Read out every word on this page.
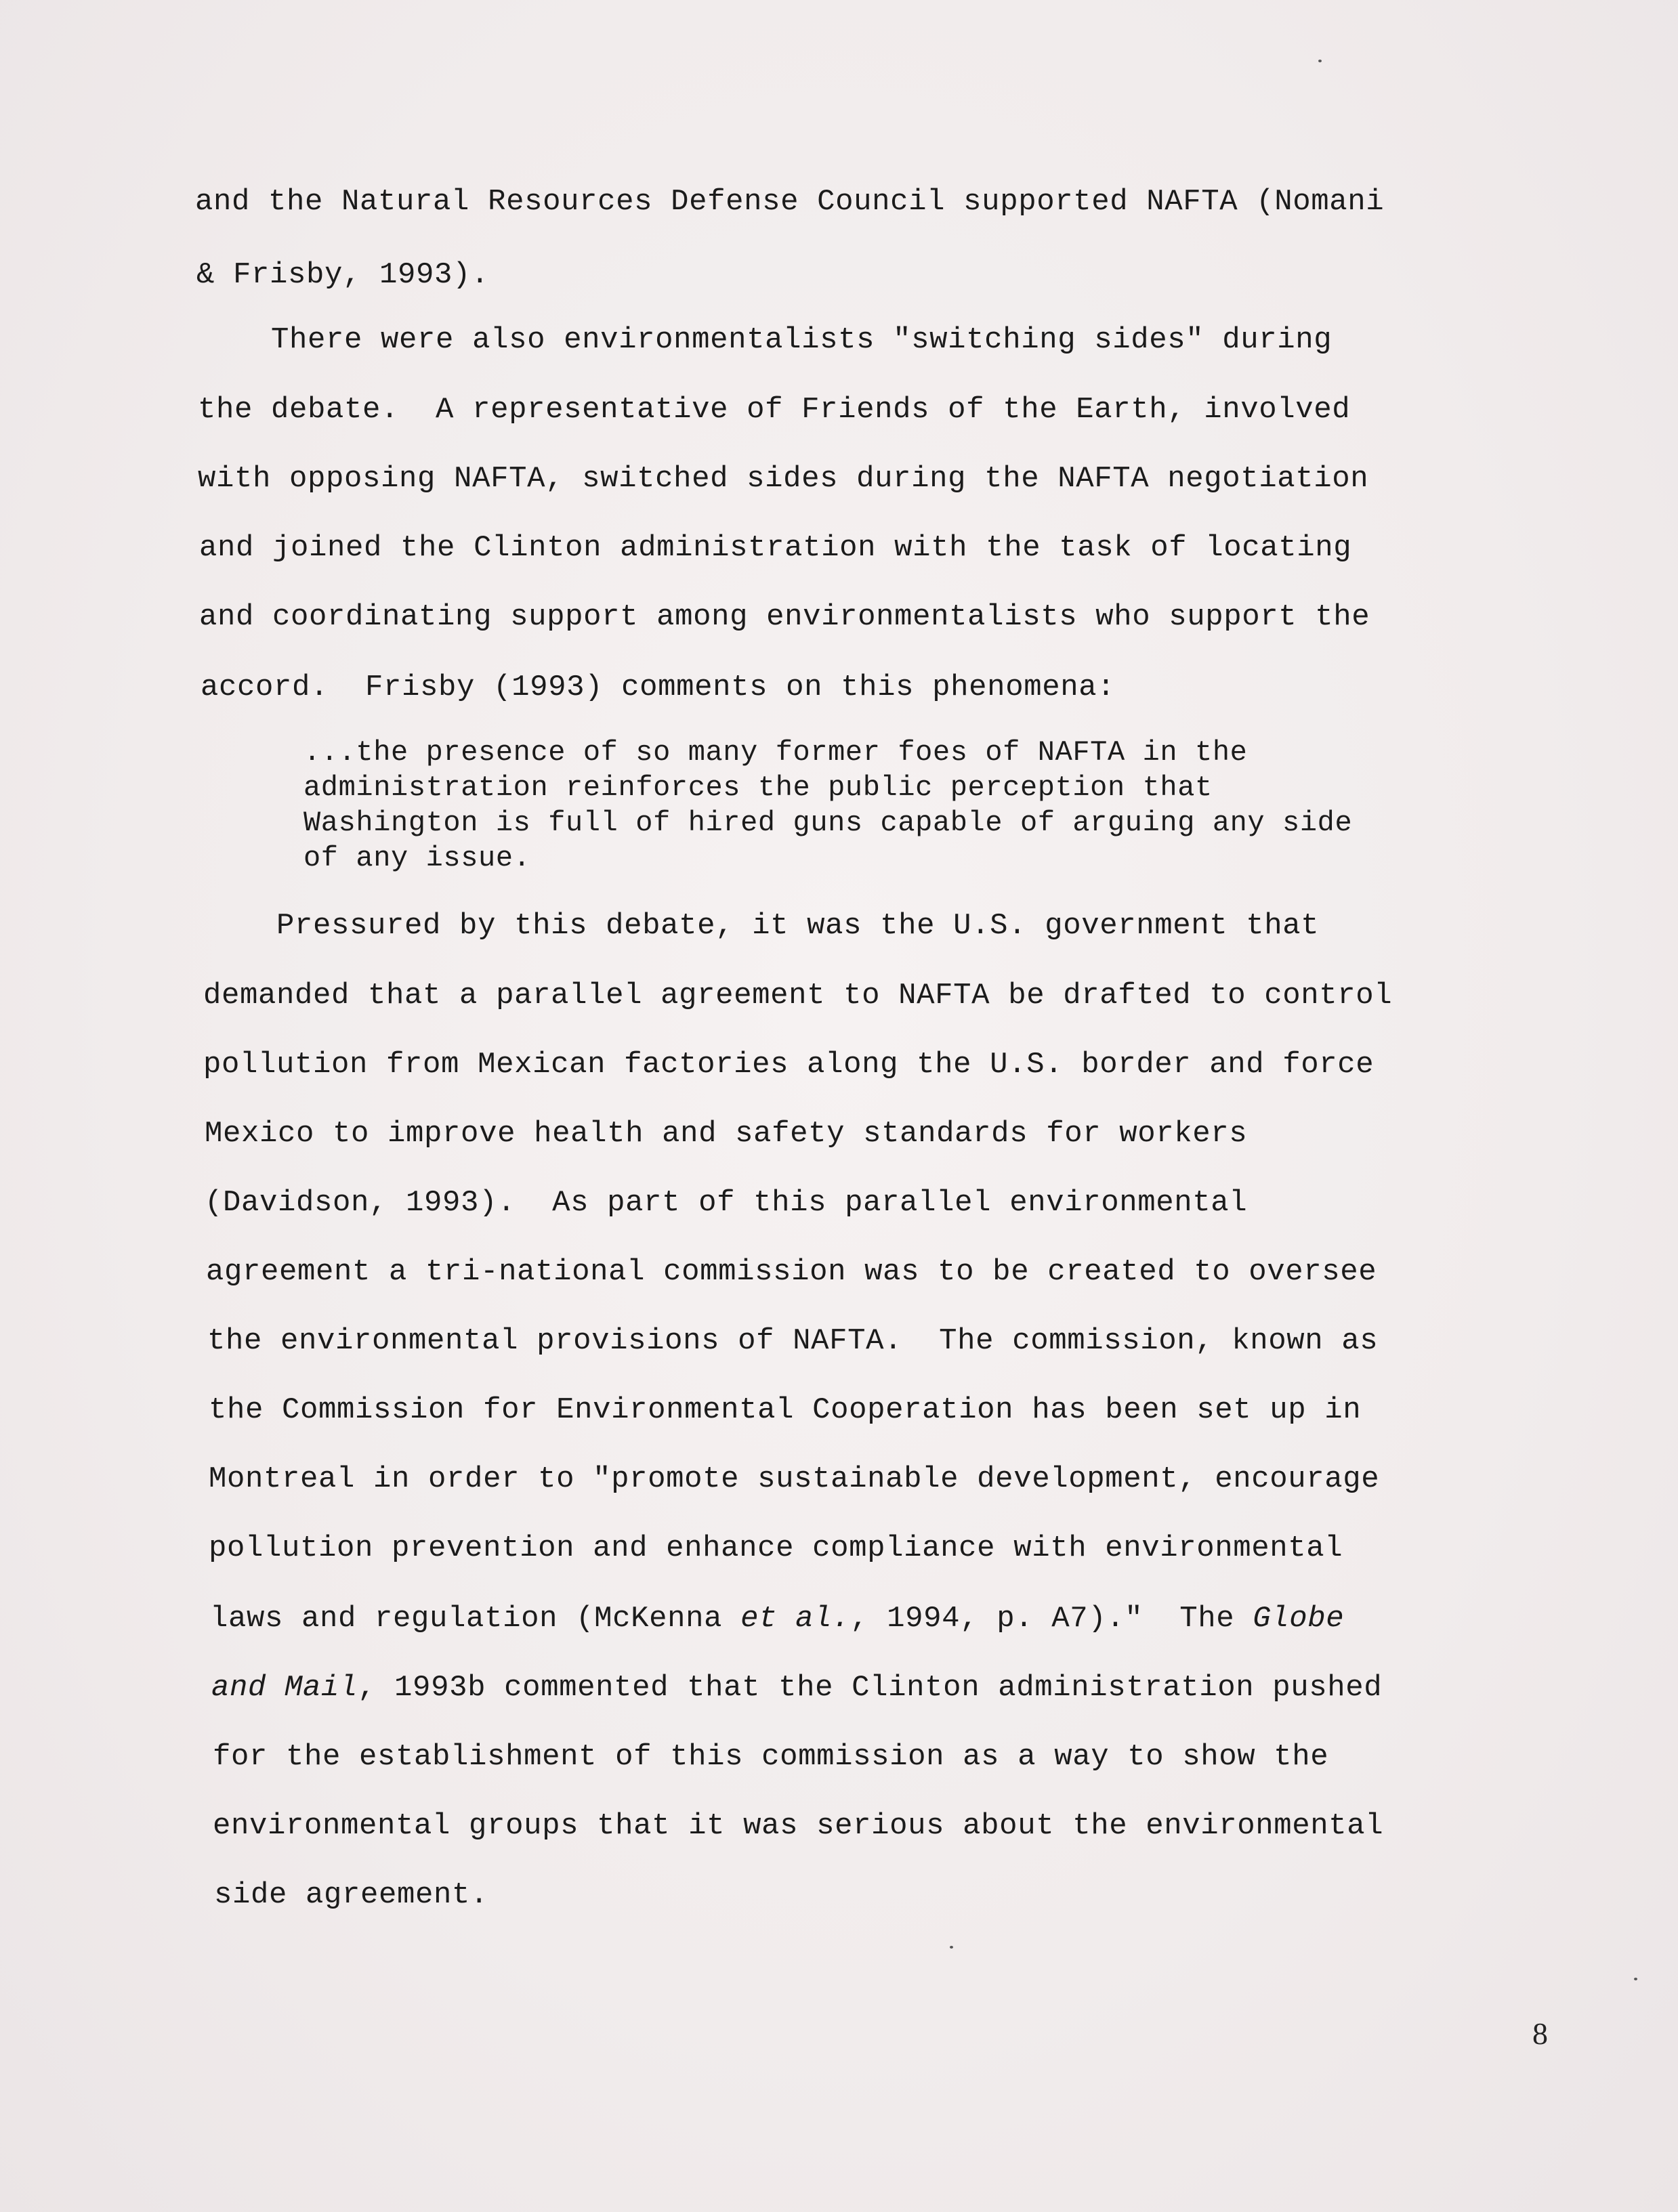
and the Natural Resources Defense Council supported NAFTA (Nomani
& Frisby, 1993).
There were also environmentalists "switching sides" during
the debate.  A representative of Friends of the Earth, involved
with opposing NAFTA, switched sides during the NAFTA negotiation
and joined the Clinton administration with the task of locating
and coordinating support among environmentalists who support the
accord.  Frisby (1993) comments on this phenomena:
...the presence of so many former foes of NAFTA in the
administration reinforces the public perception that
Washington is full of hired guns capable of arguing any side
of any issue.
Pressured by this debate, it was the U.S. government that
demanded that a parallel agreement to NAFTA be drafted to control
pollution from Mexican factories along the U.S. border and force
Mexico to improve health and safety standards for workers
(Davidson, 1993).  As part of this parallel environmental
agreement a tri-national commission was to be created to oversee
the environmental provisions of NAFTA.  The commission, known as
the Commission for Environmental Cooperation has been set up in
Montreal in order to "promote sustainable development, encourage
pollution prevention and enhance compliance with environmental
laws and regulation (McKenna et al., 1994, p. A7)."  The Globe
and Mail, 1993b commented that the Clinton administration pushed
for the establishment of this commission as a way to show the
environmental groups that it was serious about the environmental
side agreement.
8
